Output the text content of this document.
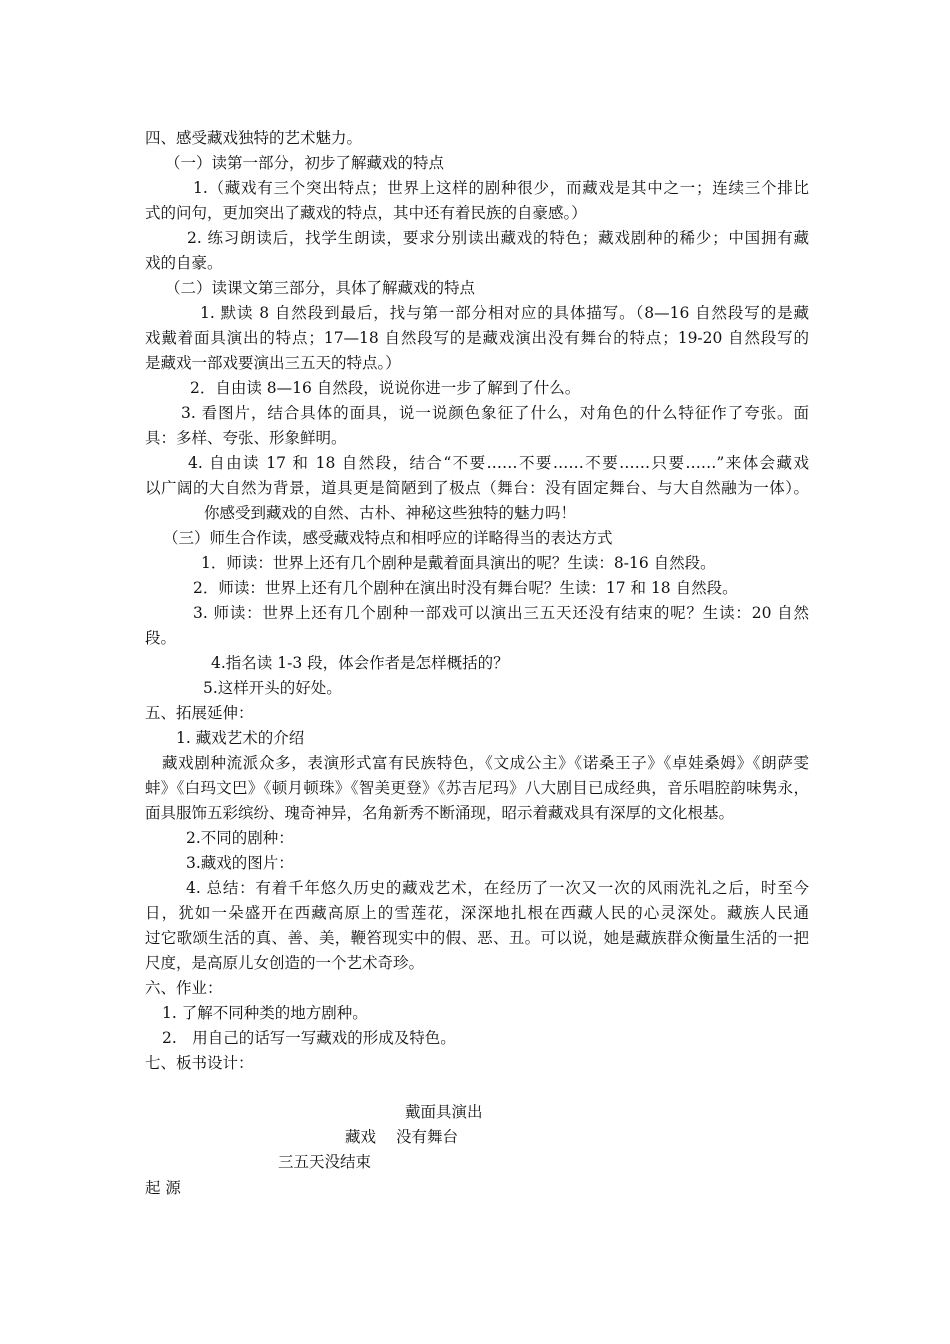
四、感受藏戏独特的艺术魅力。
（一）读第一部分，初步了解藏戏的特点
1.（藏戏有三个突出特点；世界上这样的剧种很少，而藏戏是其中之一；连续三个排比
式的问句，更加突出了藏戏的特点，其中还有着民族的自豪感。）
2. 练习朗读后，找学生朗读，要求分别读出藏戏的特色；藏戏剧种的稀少；中国拥有藏
戏的自豪。
（二）读课文第三部分，具体了解藏戏的特点
1. 默读 8 自然段到最后，找与第一部分相对应的具体描写。（8—16 自然段写的是藏
戏戴着面具演出的特点；17—18 自然段写的是藏戏演出没有舞台的特点；19-20 自然段写的
是藏戏一部戏要演出三五天的特点。）
2．自由读 8—16 自然段，说说你进一步了解到了什么。
3. 看图片，结合具体的面具，说一说颜色象征了什么，对角色的什么特征作了夸张。面
具：多样、夸张、形象鲜明。
4. 自由读 17 和 18 自然段，结合“不要……不要……不要……只要……”来体会藏戏
以广阔的大自然为背景，道具更是简陋到了极点（舞台：没有固定舞台、与大自然融为一体）。
你感受到藏戏的自然、古朴、神秘这些独特的魅力吗！
（三）师生合作读，感受藏戏特点和相呼应的详略得当的表达方式
1．师读：世界上还有几个剧种是戴着面具演出的呢？生读：8-16 自然段。
2．师读：世界上还有几个剧种在演出时没有舞台呢？生读：17 和 18 自然段。
3. 师读：世界上还有几个剧种一部戏可以演出三五天还没有结束的呢？生读：20 自然
段。
4.指名读 1-3 段，体会作者是怎样概括的？
5.这样开头的好处。
五、拓展延伸：
1. 藏戏艺术的介绍
藏戏剧种流派众多，表演形式富有民族特色，《文成公主》《诺桑王子》《卓娃桑姆》《朗萨雯
蚌》《白玛文巴》《顿月顿珠》《智美更登》《苏吉尼玛》八大剧目已成经典，音乐唱腔韵味隽永，
面具服饰五彩缤纷、瑰奇神异，名角新秀不断涌现，昭示着藏戏具有深厚的文化根基。
2.不同的剧种：
3.藏戏的图片：
4. 总结：有着千年悠久历史的藏戏艺术，在经历了一次又一次的风雨洗礼之后，时至今
日，犹如一朵盛开在西藏高原上的雪莲花，深深地扎根在西藏人民的心灵深处。藏族人民通
过它歌颂生活的真、善、美，鞭笞现实中的假、恶、丑。可以说，她是藏族群众衡量生活的一把
尺度，是高原儿女创造的一个艺术奇珍。
六、作业：
1. 了解不同种类的地方剧种。
2.　用自己的话写一写藏戏的形成及特色。
七、板书设计：
戴面具演出
藏戏 没有舞台
三五天没结束
起 源
